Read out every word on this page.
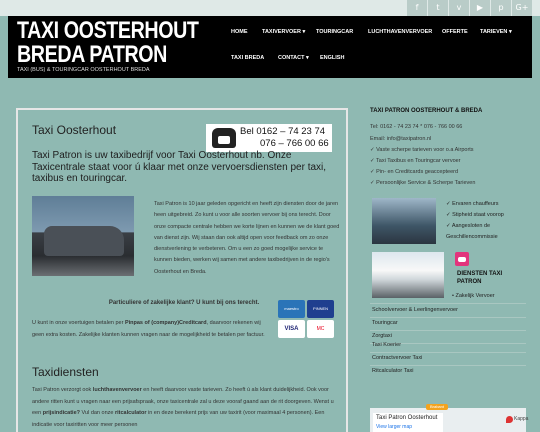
f	t	v	▶	p	G+
TAXI OOSTERHOUT
BREDA PATRON
TAXI (BUS) & TOURINGCAR OOSTERHOUT BREDA
HOME	TAXIVERVOER ▾ TOURINGCAR	LUCHTHAVENVERVOER OFFERTE TARIEVEN ▾
TAXI BREDA	CONTACT ▾ ENGLISH
Taxi Oosterhout	Bel 0162 – 74 23 74
076 – 766 00 66
Taxi Patron is uw taxibedrijf voor Taxi Oosterhout nb. Onze Taxicentrale staat voor ú klaar met onze vervoersdiensten per taxi, taxibus en touringcar.
Taxi Patron is 10 jaar geleden opgericht en heeft zijn diensten door de jaren heen uitgebreid. Zo kunt u voor alle soorten vervoer bij ons terecht. Door onze compacte centrale hebben we korte lijnen en kunnen we de klant goed van dienst zijn. Wij staan dan ook altijd open voor feedback om zo onze dienstverlening te verbeteren. Om u een zo goed mogelijke service te kunnen bieden, werken wij samen met andere taxibedrijven in de regio's Oosterhout en Breda.
Particuliere of zakelijke klant? U kunt bij ons terecht.
maestro	PINNEN
VISA	MC
U kunt in onze voertuigen betalen per Pinpas of (company)Creditcard, daarvoor rekenen wij geen extra kosten. Zakelijke klanten kunnen vragen naar de mogelijkheid te betalen per factuur.
Taxidiensten
Taxi Patron verzorgt ook luchthavenvervoer en heeft daarvoor vaste tarieven. Zo heeft ú als klant duidelijkheid. Ook voor andere ritten kunt u vragen naar een prijsafspraak, onze taxicentrale zal u deze vooraf gaand aan de rit doorgeven. Wenst u een prijsindicatie? Vul dan onze ritcalculator in en deze berekent prijs van uw taxirit (voor maximaal 4 personen). Een indicatie voor taxiritten voor meer personen
TAXI PATRON OOSTERHOUT & BREDA
Tel: 0162 - 74 23 74 * 076 - 766 00 66
Email: info@taxipatron.nl
✓ Vaste scherpe tarieven voor o.a Airports
✓ Taxi Taxibus en Touringcar vervoer
✓ Pin- en Creditcards geaccepteerd
✓ Persoonlijke Service & Scherpe Tarieven
✓ Ervaren chauffeurs
✓ Stipheid staat voorop
✓ Aangesloten de
Geschillencommissie
DIENSTEN TAXI PATRON
• Zakelijk Vervoer
Schoolvervoer & Leerlingenvervoer
Touringcar
Zorgtaxi
Taxi Koerier
Contractvervoer Taxi
Ritcalculator Taxi
Brabant
Taxi Patron Oosterhout
View larger map
Kappa
